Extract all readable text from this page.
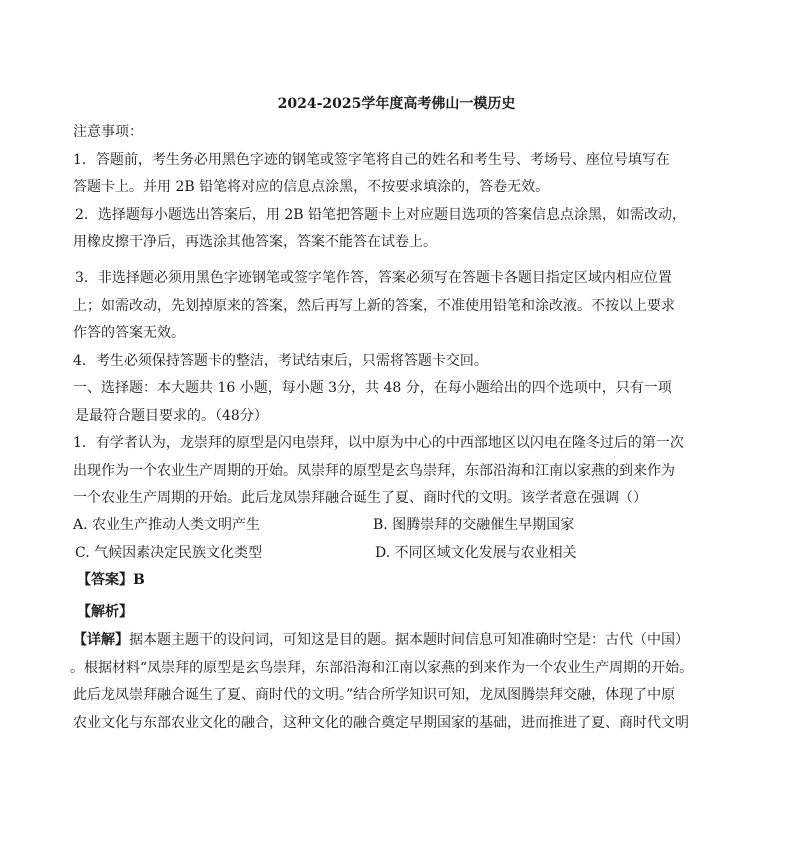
2024-2025学年度高考佛山一模历史
注意事项：
1．答题前，考生务必用黑色字迹的钢笔或签字笔将自己的姓名和考生号、考场号、座位号填写在
答题卡上。并用 2B 铅笔将对应的信息点涂黑，不按要求填涂的，答卷无效。
2．选择题每小题选出答案后，用 2B 铅笔把答题卡上对应题目选项的答案信息点涂黑，如需改动，
用橡皮擦干净后，再选涂其他答案，答案不能答在试卷上。
3．非选择题必须用黑色字迹钢笔或签字笔作答，答案必须写在答题卡各题目指定区域内相应位置
上；如需改动，先划掉原来的答案，然后再写上新的答案，不准使用铅笔和涂改液。不按以上要求
作答的答案无效。
4．考生必须保持答题卡的整洁，考试结束后，只需将答题卡交回。
一、选择题：本大题共 16 小题，每小题 3分，共 48 分，在每小题给出的四个选项中，只有一项
是最符合题目要求的。（48分）
1．有学者认为，龙崇拜的原型是闪电崇拜，以中原为中心的中西部地区以闪电在隆冬过后的第一次
出现作为一个农业生产周期的开始。凤崇拜的原型是玄鸟崇拜，东部沿海和江南以家燕的到来作为
一个农业生产周期的开始。此后龙凤崇拜融合诞生了夏、商时代的文明。该学者意在强调（）
A. 农业生产推动人类文明产生	B. 图腾崇拜的交融催生早期国家
C. 气候因素决定民族文化类型	D. 不同区域文化发展与农业相关
【答案】B
【解析】
【详解】据本题主题干的设问词，可知这是目的题。据本题时间信息可知准确时空是：古代（中国）
。根据材料“凤崇拜的原型是玄鸟崇拜，东部沿海和江南以家燕的到来作为一个农业生产周期的开始。
此后龙凤崇拜融合诞生了夏、商时代的文明。”结合所学知识可知，龙凤图腾崇拜交融，体现了中原
农业文化与东部农业文化的融合，这种文化的融合奠定早期国家的基础，进而推进了夏、商时代文明
